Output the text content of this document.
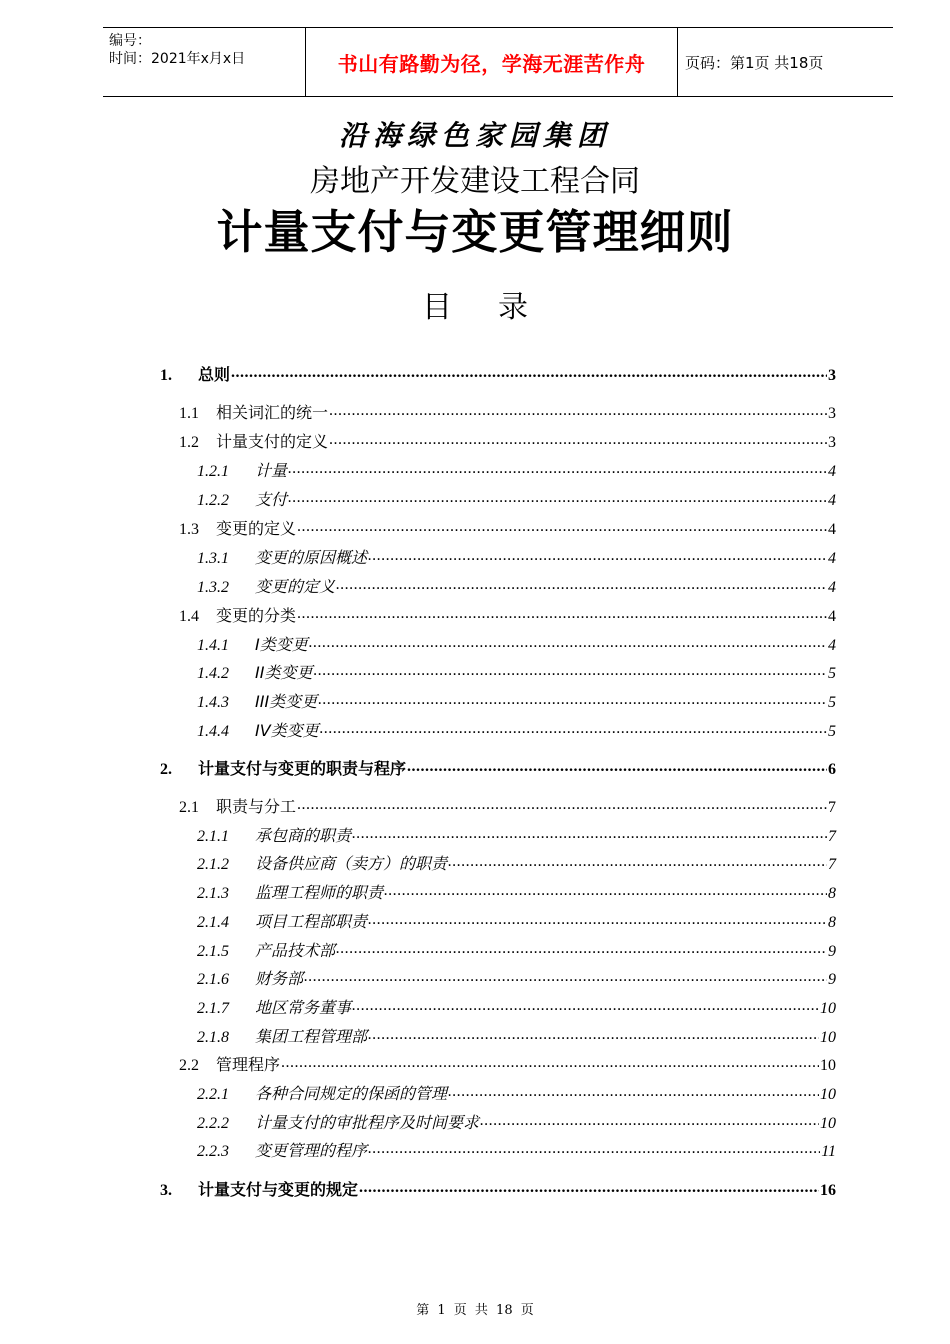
编号：
时间：2021年x月x日	书山有路勤为径，学海无涯苦作舟	页码：第1页 共18页
沿海绿色家园集团
房地产开发建设工程合同
计量支付与变更管理细则
目 录
1.	总则 .....	3
1.1	相关词汇的统一 .....	3
1.2	计量支付的定义 .....	3
1.2.1	计量 .....	4
1.2.2	支付 .....	4
1.3	变更的定义 .....	4
1.3.1	变更的原因概述 .....	4
1.3.2	变更的定义 .....	4
1.4	变更的分类 .....	4
1.4.1	I类变更 .....	4
1.4.2	II类变更 .....	5
1.4.3	III类变更 .....	5
1.4.4	IV类变更 .....	5
2.	计量支付与变更的职责与程序 .....	6
2.1	职责与分工 .....	7
2.1.1	承包商的职责 .....	7
2.1.2	设备供应商（卖方）的职责 .....	7
2.1.3	监理工程师的职责 .....	8
2.1.4	项目工程部职责 .....	8
2.1.5	产品技术部 .....	9
2.1.6	财务部 .....	9
2.1.7	地区常务董事 .....	10
2.1.8	集团工程管理部 .....	10
2.2	管理程序 .....	10
2.2.1	各种合同规定的保函的管理 .....	10
2.2.2	计量支付的审批程序及时间要求 .....	10
2.2.3	变更管理的程序 .....	11
3.	计量支付与变更的规定 .....	16
第 1 页 共 18 页
